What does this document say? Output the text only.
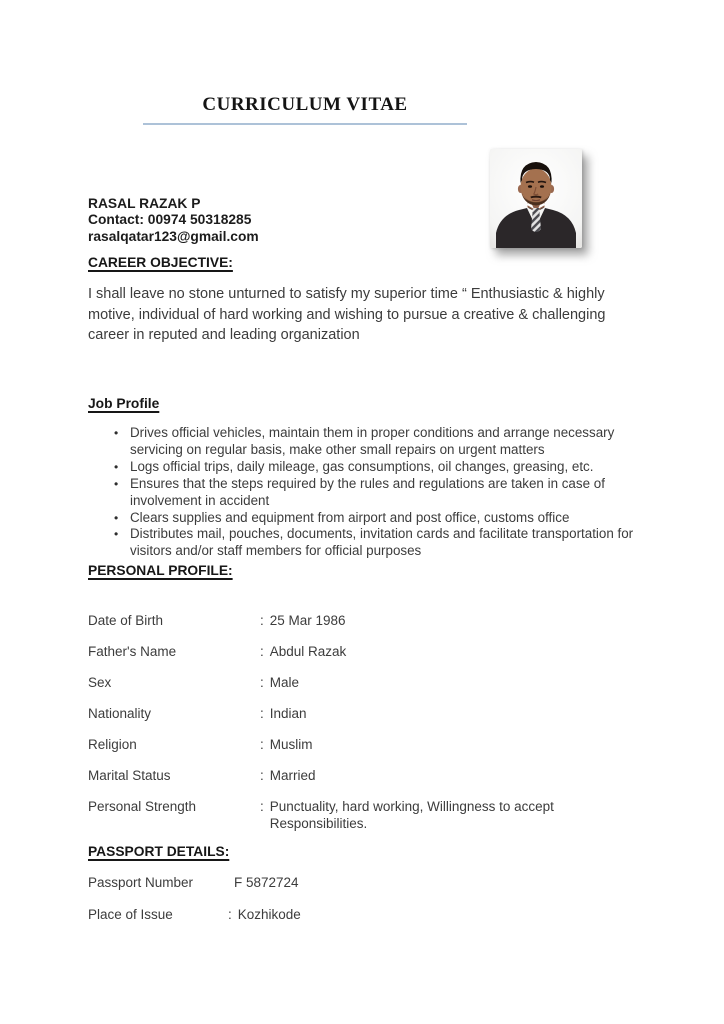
CURRICULUM VITAE
RASAL RAZAK P
Contact: 00974 50318285
rasalqatar123@gmail.com
CAREER OBJECTIVE:

I shall leave no stone unturned to satisfy my superior time “ Enthusiastic & highly motive, individual of hard working and wishing to pursue a creative & challenging  career in reputed and leading organization

Job Profile
• Drives official vehicles, maintain them in proper conditions and arrange necessary servicing on regular basis, make other small repairs on urgent matters
• Logs official trips, daily mileage, gas consumptions, oil changes, greasing, etc.
• Ensures that the steps required by the rules and regulations are taken in case of involvement in accident
• Clears supplies and equipment from airport and post office, customs office
• Distributes mail, pouches, documents, invitation cards and facilitate transportation for visitors and/or staff members for official purposes
PERSONAL PROFILE:
Date of Birth	: 25 Mar 1986
Father's Name	: Abdul Razak
Sex	: Male
Nationality	: Indian
Religion	: Muslim
Marital Status	: Married
Personal Strength	: Punctuality, hard working, Willingness to accept Responsibilities.
PASSPORT DETAILS:
Passport Number	F 5872724
Place of Issue	: Kozhikode
